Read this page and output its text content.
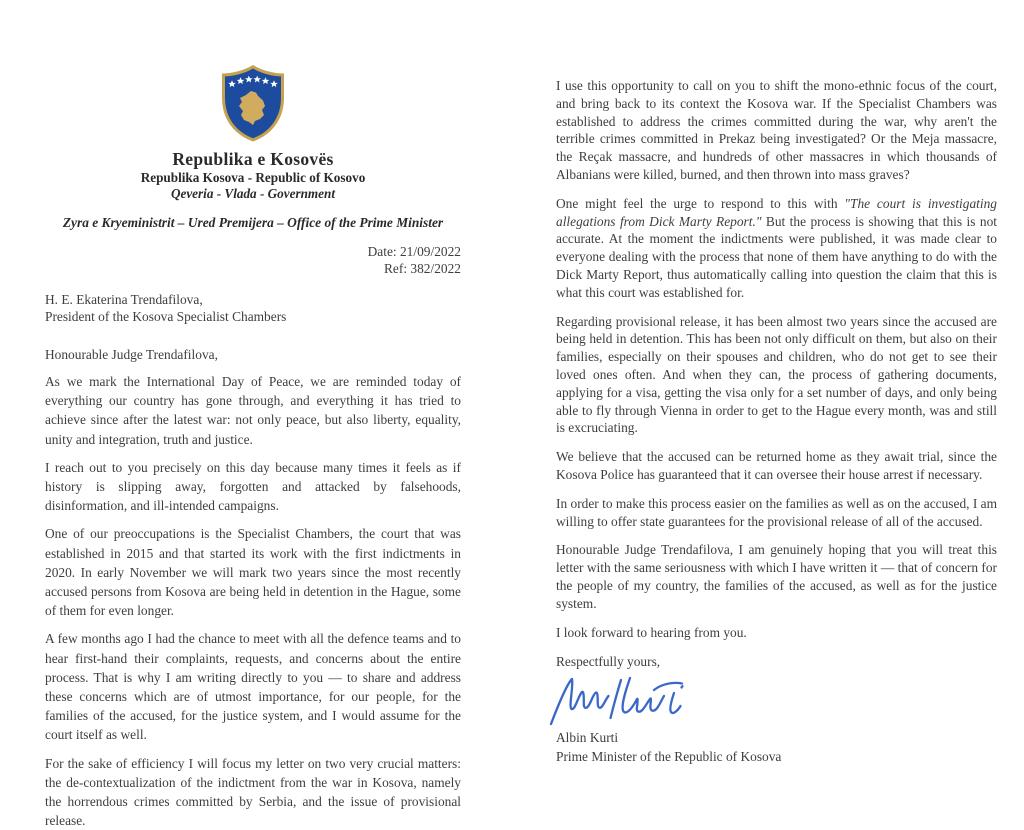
Republika e Kosovës
Republika Kosova - Republic of Kosovo
Qeveria - Vlada - Government
Zyra e Kryeministrit – Ured Premijera – Office of the Prime Minister
Date: 21/09/2022
Ref: 382/2022
H. E. Ekaterina Trendafilova,
President of the Kosova Specialist Chambers
Honourable Judge Trendafilova,

As we mark the International Day of Peace, we are reminded today of everything our country has gone through, and everything it has tried to achieve since after the latest war: not only peace, but also liberty, equality, unity and integration, truth and justice.

I reach out to you precisely on this day because many times it feels as if history is slipping away, forgotten and attacked by falsehoods, disinformation, and ill-intended campaigns.

One of our preoccupations is the Specialist Chambers, the court that was established in 2015 and that started its work with the first indictments in 2020. In early November we will mark two years since the most recently accused persons from Kosova are being held in detention in the Hague, some of them for even longer.

A few months ago I had the chance to meet with all the defence teams and to hear first-hand their complaints, requests, and concerns about the entire process. That is why I am writing directly to you — to share and address these concerns which are of utmost importance, for our people, for the families of the accused, for the justice system, and I would assume for the court itself as well.

For the sake of efficiency I will focus my letter on two very crucial matters: the de-contextualization of the indictment from the war in Kosova, namely the horrendous crimes committed by Serbia, and the issue of provisional release.

I use this opportunity to call on you to shift the mono-ethnic focus of the court, and bring back to its context the Kosova war. If the Specialist Chambers was established to address the crimes committed during the war, why aren't the terrible crimes committed in Prekaz being investigated? Or the Meja massacre, the Reçak massacre, and hundreds of other massacres in which thousands of Albanians were killed, burned, and then thrown into mass graves?

One might feel the urge to respond to this with "The court is investigating allegations from Dick Marty Report." But the process is showing that this is not accurate. At the moment the indictments were published, it was made clear to everyone dealing with the process that none of them have anything to do with the Dick Marty Report, thus automatically calling into question the claim that this is what this court was established for.

Regarding provisional release, it has been almost two years since the accused are being held in detention. This has been not only difficult on them, but also on their families, especially on their spouses and children, who do not get to see their loved ones often. And when they can, the process of gathering documents, applying for a visa, getting the visa only for a set number of days, and only being able to fly through Vienna in order to get to the Hague every month, was and still is excruciating.

We believe that the accused can be returned home as they await trial, since the Kosova Police has guaranteed that it can oversee their house arrest if necessary.

In order to make this process easier on the families as well as on the accused, I am willing to offer state guarantees for the provisional release of all of the accused.

Honourable Judge Trendafilova, I am genuinely hoping that you will treat this letter with the same seriousness with which I have written it — that of concern for the people of my country, the families of the accused, as well as for the justice system.

I look forward to hearing from you.

Respectfully yours,
Albin Kurti
Prime Minister of the Republic of Kosova
